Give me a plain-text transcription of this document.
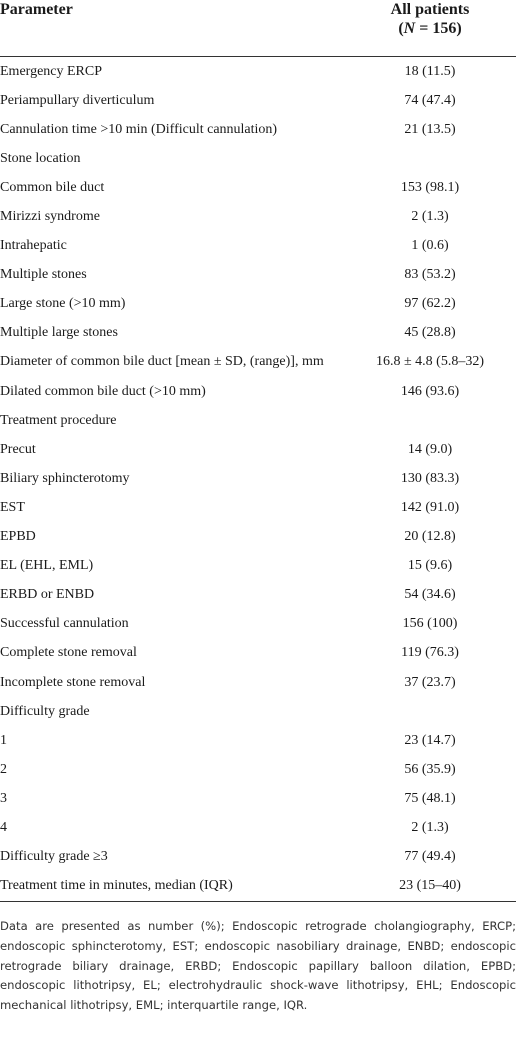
Parameter	All patients
(N = 156)

Emergency ERCP	18 (11.5)
Periampullary diverticulum	74 (47.4)
Cannulation time >10 min (Difficult cannulation)	21 (13.5)
Stone location	
Common bile duct	153 (98.1)
Mirizzi syndrome	2 (1.3)
Intrahepatic	1 (0.6)
Multiple stones	83 (53.2)
Large stone (>10 mm)	97 (62.2)
Multiple large stones	45 (28.8)
Diameter of common bile duct [mean ± SD, (range)], mm	16.8 ± 4.8 (5.8–32)
Dilated common bile duct (>10 mm)	146 (93.6)
Treatment procedure	
Precut	14 (9.0)
Biliary sphincterotomy	130 (83.3)
EST	142 (91.0)
EPBD	20 (12.8)
EL (EHL, EML)	15 (9.6)
ERBD or ENBD	54 (34.6)
Successful cannulation	156 (100)
Complete stone removal	119 (76.3)
Incomplete stone removal	37 (23.7)
Difficulty grade	
1	23 (14.7)
2	56 (35.9)
3	75 (48.1)
4	2 (1.3)
Difficulty grade ≥3	77 (49.4)
Treatment time in minutes, median (IQR)	23 (15–40)

Data are presented as number (%); Endoscopic retrograde cholangiography, ERCP; endoscopic sphincterotomy, EST; endoscopic nasobiliary drainage, ENBD; endoscopic retrograde biliary drainage, ERBD; Endoscopic papillary balloon dilation, EPBD; endoscopic lithotripsy, EL; electrohydraulic shock-wave lithotripsy, EHL; Endoscopic mechanical lithotripsy, EML; interquartile range, IQR.
